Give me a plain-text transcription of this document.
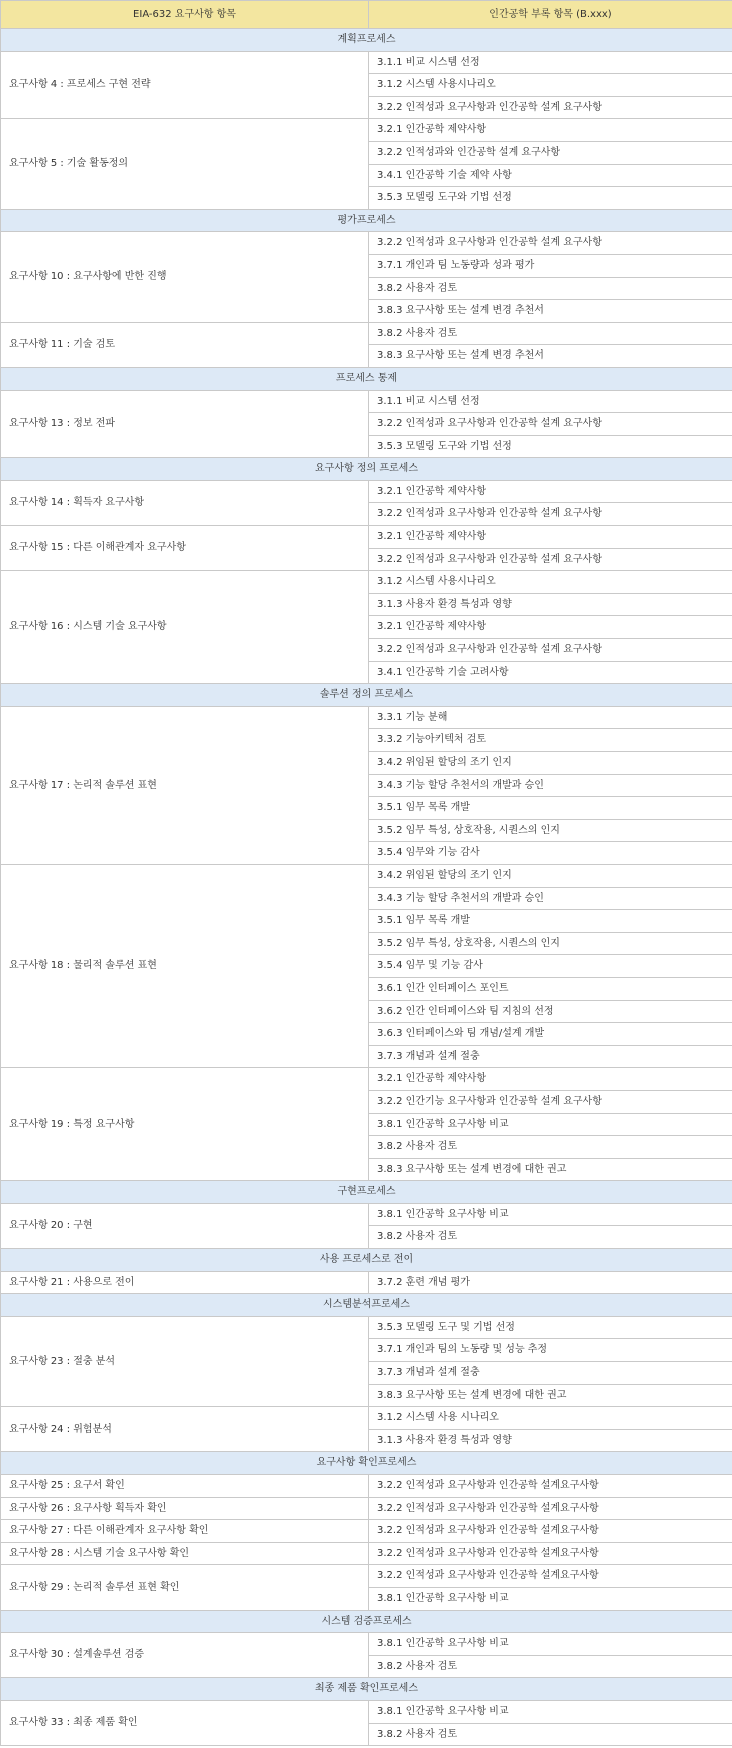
EIA-632 요구사항 항목	인간공학 부록 항목 (B.xxx)
계획프로세스	
요구사항 4 : 프로세스 구현 전략	3.1.1 비교 시스템 선정
	3.1.2 시스템 사용시나리오
	3.2.2 인적성과 요구사항과 인간공학 설계 요구사항
요구사항 5 : 기술 활동정의	3.2.1 인간공학 제약사항
	3.2.2 인적성과와 인간공학 설계 요구사항
	3.4.1 인간공학 기술 제약 사항
	3.5.3 모델링 도구와 기법 선정
평가프로세스	
요구사항 10 : 요구사항에 반한 진행	3.2.2 인적성과 요구사항과 인간공학 설계 요구사항
	3.7.1 개인과 팀 노동량과 성과 평가
	3.8.2 사용자 검토
	3.8.3 요구사항 또는 설계 변경 추천서
요구사항 11 : 기술 검토	3.8.2 사용자 검토
	3.8.3 요구사항 또는 설계 변경 추천서
프로세스 통제	
요구사항 13 : 정보 전파	3.1.1 비교 시스템 선정
	3.2.2 인적성과 요구사항과 인간공학 설계 요구사항
	3.5.3 모델링 도구와 기법 선정
요구사항 정의 프로세스	
요구사항 14 : 획득자 요구사항	3.2.1 인간공학 제약사항
	3.2.2 인적성과 요구사항과 인간공학 설계 요구사항
요구사항 15 : 다른 이해관계자 요구사항	3.2.1 인간공학 제약사항
	3.2.2 인적성과 요구사항과 인간공학 설계 요구사항
요구사항 16 : 시스템 기술 요구사항	3.1.2 시스템 사용시나리오
	3.1.3 사용자 환경 특성과 영향
	3.2.1 인간공학 제약사항
	3.2.2 인적성과 요구사항과 인간공학 설계 요구사항
	3.4.1 인간공학 기술 고려사항
솔루션 정의 프로세스	
요구사항 17 : 논리적 솔루션 표현	3.3.1 기능 분해
	3.3.2 기능아키텍처 검토
	3.4.2 위임된 할당의 조기 인지
	3.4.3 기능 할당 추천서의 개발과 승인
	3.5.1 임무 목록 개발
	3.5.2 임무 특성, 상호작용, 시퀀스의 인지
	3.5.4 임무와 기능 감사
요구사항 18 : 물리적 솔루션 표현	3.4.2 위임된 할당의 조기 인지
	3.4.3 기능 할당 추천서의 개발과 승인
	3.5.1 임무 목록 개발
	3.5.2 임무 특성, 상호작용, 시퀀스의 인지
	3.5.4 임무 및 기능 감사
	3.6.1 인간 인터페이스 포인트
	3.6.2 인간 인터페이스와 팀 지침의 선정
	3.6.3 인터페이스와 팀 개념/설계 개발
	3.7.3 개념과 설계 절충
요구사항 19 : 특정 요구사항	3.2.1 인간공학 제약사항
	3.2.2 인간기능 요구사항과 인간공학 설계 요구사항
	3.8.1 인간공학 요구사항 비교
	3.8.2 사용자 검토
	3.8.3 요구사항 또는 설계 변경에 대한 권고
구현프로세스	
요구사항 20 : 구현	3.8.1 인간공학 요구사항 비교
	3.8.2 사용자 검토
사용 프로세스로 전이	
요구사항 21 : 사용으로 전이	3.7.2 훈련 개념 평가
시스템분석프로세스	
요구사항 23 : 절충 분석	3.5.3 모델링 도구 및 기법 선정
	3.7.1 개인과 팀의 노동량 및 성능 추정
	3.7.3 개념과 설계 절충
	3.8.3 요구사항 또는 설계 변경에 대한 권고
요구사항 24 : 위험분석	3.1.2 시스템 사용 시나리오
	3.1.3 사용자 환경 특성과 영향
요구사항 확인프로세스	
요구사항 25 : 요구서 확인	3.2.2 인적성과 요구사항과 인간공학 설계요구사항
요구사항 26 : 요구사항 획득자 확인	3.2.2 인적성과 요구사항과 인간공학 설계요구사항
요구사항 27 : 다른 이해관계자 요구사항 확인	3.2.2 인적성과 요구사항과 인간공학 설계요구사항
요구사항 28 : 시스템 기술 요구사항 확인	3.2.2 인적성과 요구사항과 인간공학 설계요구사항
요구사항 29 : 논리적 솔루션 표현 확인	3.2.2 인적성과 요구사항과 인간공학 설계요구사항
	3.8.1 인간공학 요구사항 비교
시스템 검증프로세스	
요구사항 30 : 설계솔루션 검증	3.8.1 인간공학 요구사항 비교
	3.8.2 사용자 검토
최종 제품 확인프로세스	
요구사항 33 : 최종 제품 확인	3.8.1 인간공학 요구사항 비교
	3.8.2 사용자 검토
